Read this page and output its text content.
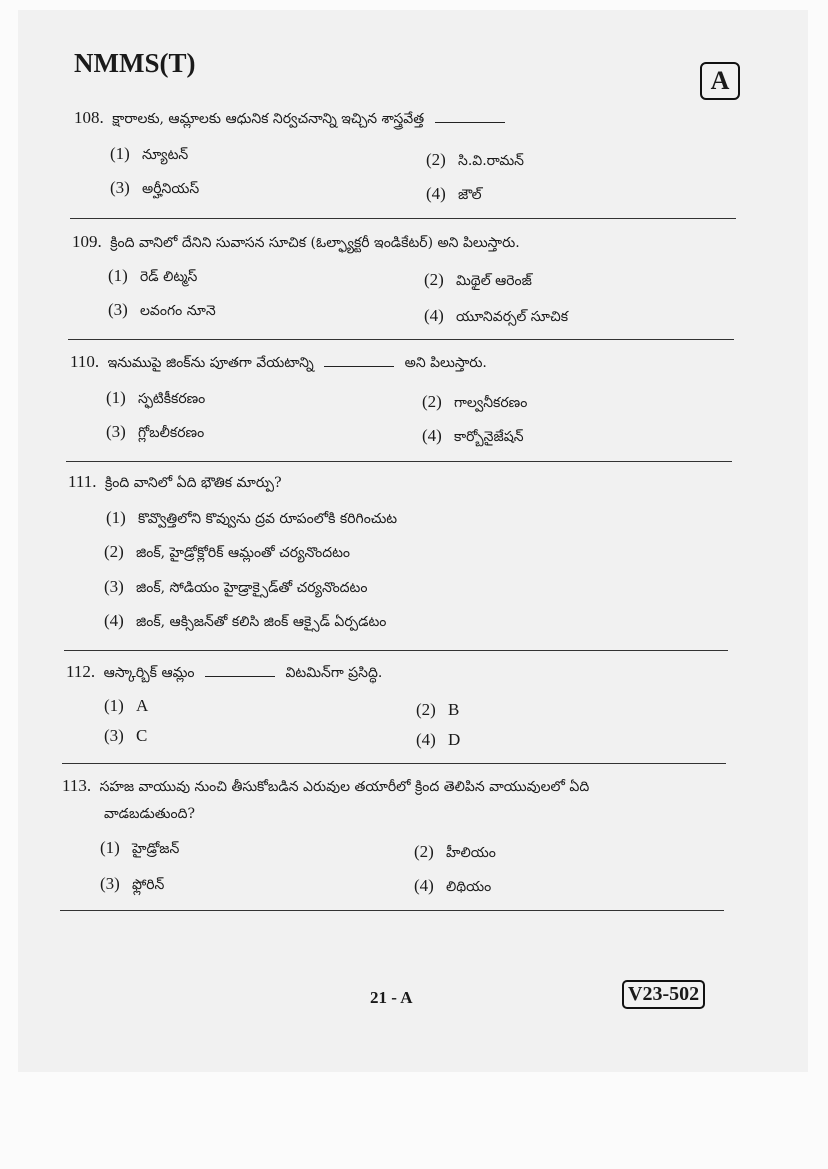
NMMS(T)
A
108. క్షారాలకు, ఆమ్లాలకు ఆధునిక నిర్వచనాన్ని ఇచ్చిన శాస్త్రవేత్త
(1) న్యూటన్	(2) సి.వి.రామన్
(3) అర్హీనియస్	(4) జౌల్
109. క్రింది వానిలో దేనిని సువాసన సూచిక (ఓల్ఫ్యాక్టరీ ఇండికేటర్) అని పిలుస్తారు.
(1) రెడ్ లిట్మస్	(2) మిథైల్ ఆరెంజ్
(3) లవంగం నూనె	(4) యూనివర్సల్ సూచిక
110. ఇనుముపై జింక్‌ను పూతగా వేయటాన్ని	అని పిలుస్తారు.
(1) స్ఫటికీకరణం	(2) గాల్వనీకరణం
(3) గ్లోబలీకరణం	(4) కార్బోనైజేషన్
111. క్రింది వానిలో ఏది భౌతిక మార్పు?
(1) కొవ్వొత్తిలోని కొవ్వును ద్రవ రూపంలోకి కరిగించుట
(2) జింక్, హైడ్రోక్లోరిక్ ఆమ్లంతో చర్యనొందటం
(3) జింక్, సోడియం హైడ్రాక్సైడ్‌తో చర్యనొందటం
(4) జింక్, ఆక్సిజన్‌తో కలిసి జింక్ ఆక్సైడ్ ఏర్పడటం
112. ఆస్కార్బిక్ ఆమ్లం	విటమిన్‌గా ప్రసిద్ధి.
(1) A	(2) B
(3) C	(4) D
113. సహజ వాయువు నుంచి తీసుకోబడిన ఎరువుల తయారీలో క్రింద తెలిపిన వాయువులలో ఏది
వాడబడుతుంది?
(1) హైడ్రోజన్	(2) హీలియం
(3) ఫ్లోరిన్	(4) లిథియం
21 - A	V23-502
